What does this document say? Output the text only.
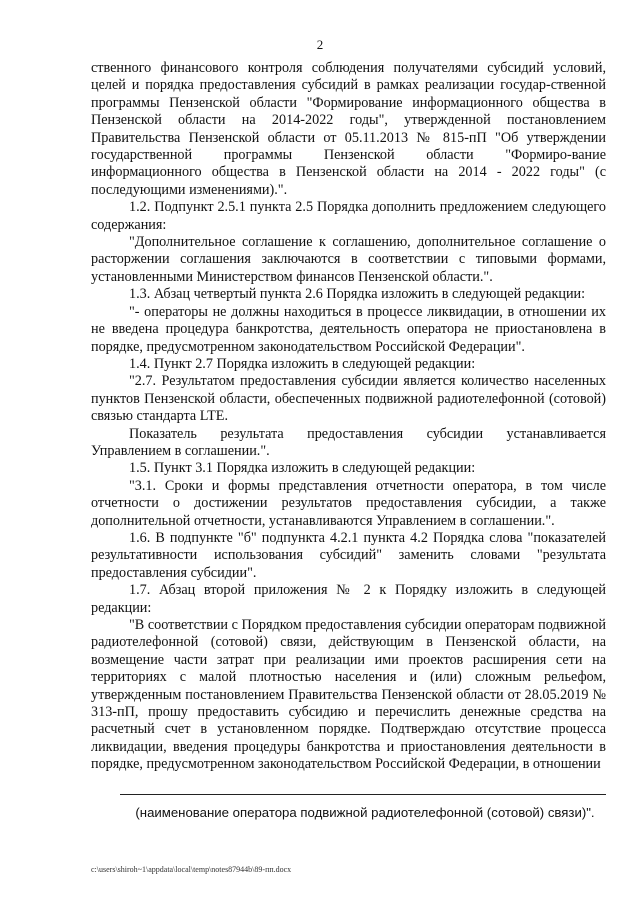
2

ственного финансового контроля соблюдения получателями субсидий условий, целей и порядка предоставления субсидий в рамках реализации государ-ственной программы Пензенской области "Формирование информационного общества в Пензенской области на 2014-2022 годы", утвержденной постановлением Правительства Пензенской области от 05.11.2013 № 815-пП "Об утверждении государственной программы Пензенской области "Формиро-вание информационного общества в Пензенской области на 2014 - 2022 годы" (с последующими изменениями).".

1.2. Подпункт 2.5.1 пункта 2.5 Порядка дополнить предложением следующего содержания:

"Дополнительное соглашение к соглашению, дополнительное соглашение о расторжении соглашения заключаются в соответствии с типовыми формами, установленными Министерством финансов Пензенской области.".

1.3. Абзац четвертый пункта 2.6 Порядка изложить в следующей редакции:

"- операторы не должны находиться в процессе ликвидации, в отношении их не введена процедура банкротства, деятельность оператора не приостановлена в порядке, предусмотренном законодательством Российской Федерации".

1.4. Пункт 2.7 Порядка изложить в следующей редакции:

"2.7. Результатом предоставления субсидии является количество населенных пунктов Пензенской области, обеспеченных подвижной радиотелефонной (сотовой) связью стандарта LTE.

Показатель результата предоставления субсидии устанавливается Управлением в соглашении.".

1.5. Пункт 3.1 Порядка изложить в следующей редакции:

"3.1. Сроки и формы представления отчетности оператора, в том числе отчетности о достижении результатов предоставления субсидии, а также дополнительной отчетности, устанавливаются Управлением в соглашении.".

1.6. В подпункте "б" подпункта 4.2.1 пункта 4.2 Порядка слова "показателей результативности использования субсидий" заменить словами "результата предоставления субсидии".

1.7. Абзац второй приложения № 2 к Порядку изложить в следующей редакции:

"В соответствии с Порядком предоставления субсидии операторам подвижной радиотелефонной (сотовой) связи, действующим в Пензенской области, на возмещение части затрат при реализации ими проектов расширения сети на территориях с малой плотностью населения и (или) сложным рельефом, утвержденным постановлением Правительства Пензенской области от 28.05.2019 № 313-пП, прошу предоставить субсидию и перечислить денежные средства на расчетный счет в установленном порядке. Подтверждаю отсутствие процесса ликвидации, введения процедуры банкротства и приостановления деятельности в порядке, предусмотренном законодательством Российской Федерации, в отношении

(наименование оператора подвижной радиотелефонной (сотовой) связи)".
c:\users\shiroh~1\appdata\local\temp\notes87944b\89-пп.docx
